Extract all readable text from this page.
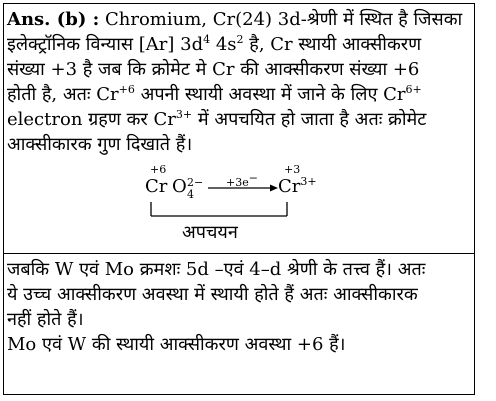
Ans. (b) : Chromium, Cr(24) 3d-श्रेणी में स्थित है जिसका
इलेक्ट्रॉनिक विन्यास [Ar] $3d^4$ $4s^2$ है, Cr स्थायी आक्सीकरण
संख्या +3 है जब कि क्रोमेट मे Cr की आक्सीकरण संख्या +6
होती है, अतः $Cr^{+6}$ अपनी स्थायी अवस्था में जाने के लिए $Cr^{6+}$
electron ग्रहण कर $Cr^{3+}$ में अपचयित हो जाता है अतः क्रोमेट
आक्सीकारक गुण दिखाते हैं।
+6
Cr O 4
2− +3e−
+3
$Cr^{3+}$
अपचयन
जबकि W एवं Mo क्रमशः 5d –एवं 4–d श्रेणी के तत्त्व हैं। अतः
ये उच्च आक्सीकरण अवस्था में स्थायी होते हैं अतः आक्सीकारक
नहीं होते हैं।
Mo एवं W की स्थायी आक्सीकरण अवस्था +6 हैं।
